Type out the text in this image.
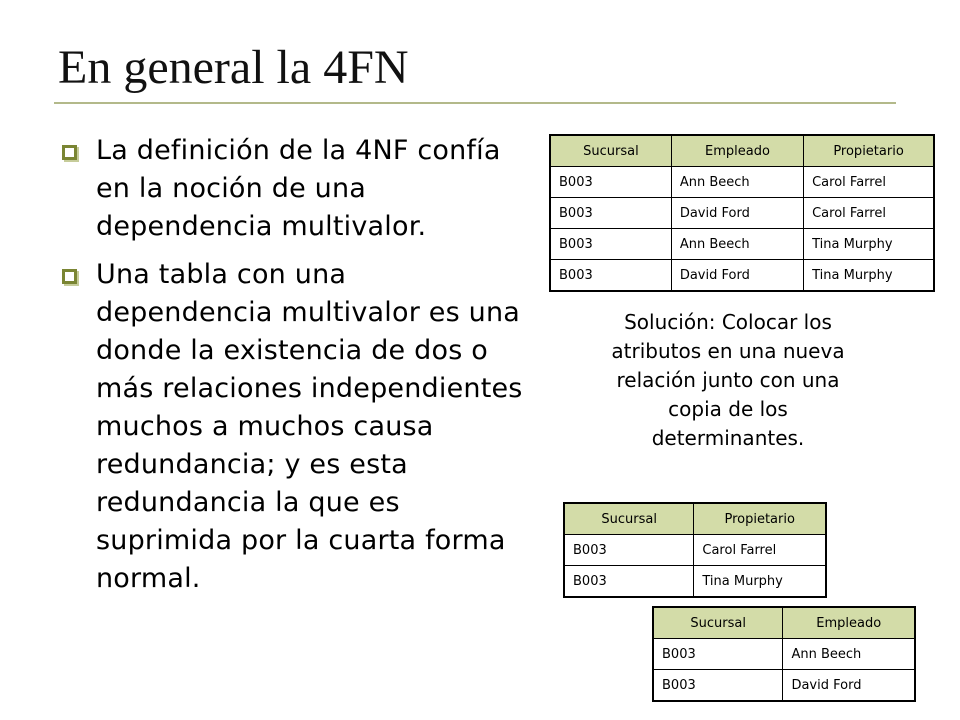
En general la 4FN
La definición de la 4NF confía en la noción de una dependencia multivalor.
Una tabla con una dependencia multivalor es una donde la existencia de dos o más relaciones independientes muchos a muchos causa redundancia; y es esta redundancia la que es suprimida por la cuarta forma normal.
Sucursal	Empleado	Propietario
B003	Ann Beech	Carol Farrel
B003	David Ford	Carol Farrel
B003	Ann Beech	Tina Murphy
B003	David Ford	Tina Murphy

Solución: Colocar los atributos en una nueva relación junto con una copia de los determinantes.

Sucursal	Propietario
B003	Carol Farrel
B003	Tina Murphy
Sucursal	Empleado
B003	Ann Beech
B003	David Ford
